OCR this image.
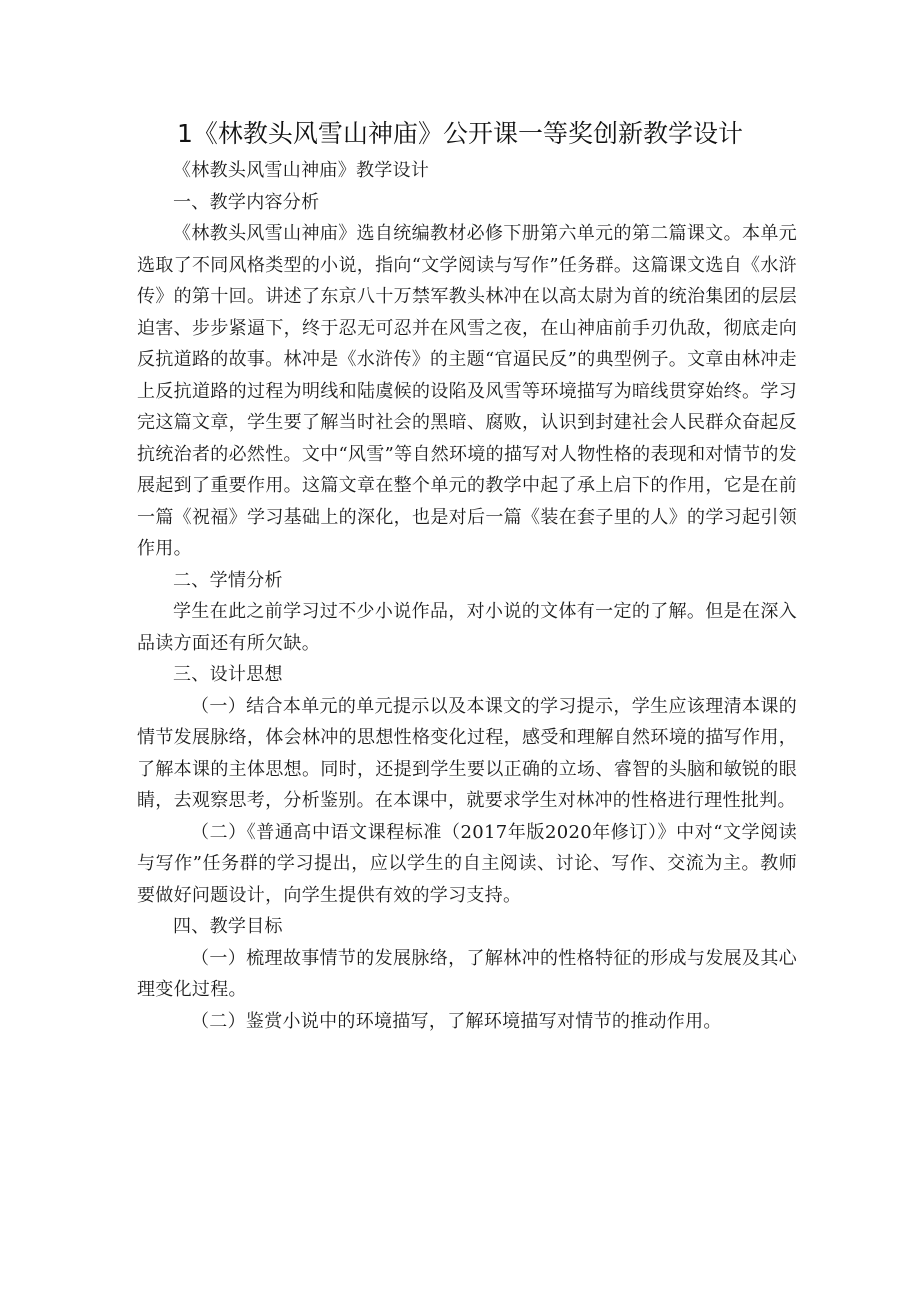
1《林教头风雪山神庙》公开课一等奖创新教学设计

《林教头风雪山神庙》教学设计

一、教学内容分析

《林教头风雪山神庙》选自统编教材必修下册第六单元的第二篇课文。本单元选取了不同风格类型的小说，指向“文学阅读与写作”任务群。这篇课文选自《水浒传》的第十回。讲述了东京八十万禁军教头林冲在以高太尉为首的统治集团的层层迫害、步步紧逼下，终于忍无可忍并在风雪之夜，在山神庙前手刃仇敌，彻底走向反抗道路的故事。林冲是《水浒传》的主题“官逼民反”的典型例子。文章由林冲走上反抗道路的过程为明线和陆虞候的设陷及风雪等环境描写为暗线贯穿始终。学习完这篇文章，学生要了解当时社会的黑暗、腐败，认识到封建社会人民群众奋起反抗统治者的必然性。文中“风雪”等自然环境的描写对人物性格的表现和对情节的发展起到了重要作用。这篇文章在整个单元的教学中起了承上启下的作用，它是在前一篇《祝福》学习基础上的深化，也是对后一篇《装在套子里的人》的学习起引领作用。

二、学情分析

学生在此之前学习过不少小说作品，对小说的文体有一定的了解。但是在深入品读方面还有所欠缺。

三、设计思想

（一）结合本单元的单元提示以及本课文的学习提示，学生应该理清本课的情节发展脉络，体会林冲的思想性格变化过程，感受和理解自然环境的描写作用，了解本课的主体思想。同时，还提到学生要以正确的立场、睿智的头脑和敏锐的眼睛，去观察思考，分析鉴别。在本课中，就要求学生对林冲的性格进行理性批判。

（二）《普通高中语文课程标准（2017年版2020年修订）》中对“文学阅读与写作”任务群的学习提出，应以学生的自主阅读、讨论、写作、交流为主。教师要做好问题设计，向学生提供有效的学习支持。

四、教学目标

（一）梳理故事情节的发展脉络，了解林冲的性格特征的形成与发展及其心理变化过程。

（二）鉴赏小说中的环境描写，了解环境描写对情节的推动作用。
